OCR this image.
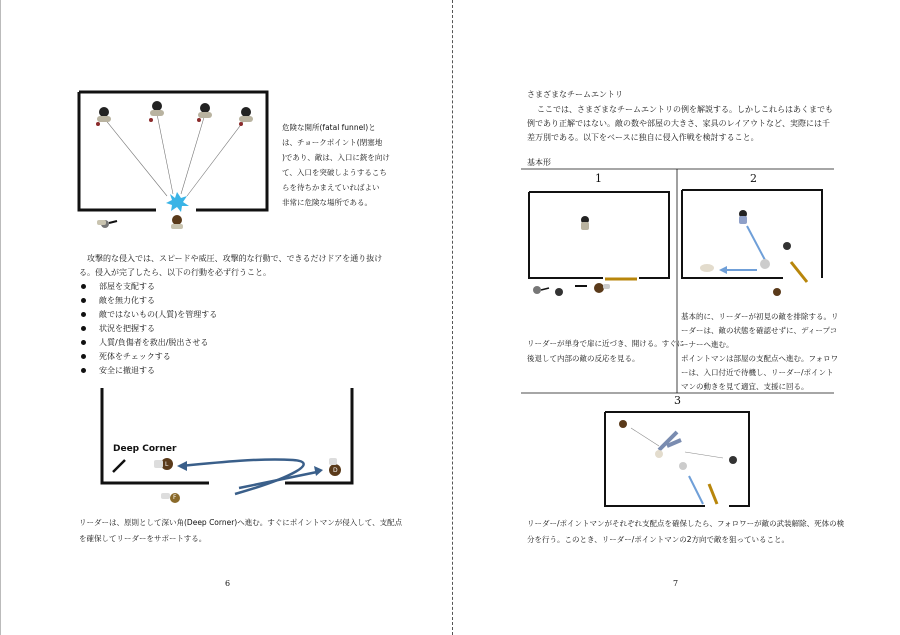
危険な開所(fatal funnel)と
は、チョークポイント(閉塞地
)であり、敵は、入口に銃を向け
て、入口を突破しようするこち
らを待ちかまえていればよい
非常に危険な場所である。
攻撃的な侵入では、スピードや威圧、攻撃的な行動で、できるだけドアを通り抜け
る。侵入が完了したら、以下の行動を必ず行うこと。
部屋を支配する
敵を無力化する
敵ではないもの(人質)を管理する
状況を把握する
人質/負傷者を救出/脱出させる
死体をチェックする
安全に撤退する
Deep Corner
L
D
F
リーダーは、原則として深い角(Deep Corner)へ進む。すぐにポイントマンが侵入して、支配点
を確保してリーダーをサポートする。
6
さまざまなチームエントリ
ここでは、さまざまなチームエントリの例を解説する。しかしこれらはあくまでも
例であり正解ではない。敵の数や部屋の大きさ、家具のレイアウトなど、実際には千
差万別である。以下をベースに独自に侵入作戦を検討すること。
基本形
1	2
3
リーダーが単身で扉に近づき、開ける。すぐに
後退して内部の敵の反応を見る。
基本的に、リーダーが初見の敵を排除する。リ
ーダーは、敵の状態を確認せずに、ディープコ
ーナーへ進む。
ポイントマンは部屋の支配点へ進む。フォロワ
ーは、入口付近で待機し、リーダー/ポイント
マンの動きを見て適宜、支援に回る。
リーダー/ポイントマンがそれぞれ支配点を確保したら、フォロワーが敵の武装解除、死体の検
分を行う。このとき、リーダー/ポイントマンの2方向で敵を狙っていること。
7
